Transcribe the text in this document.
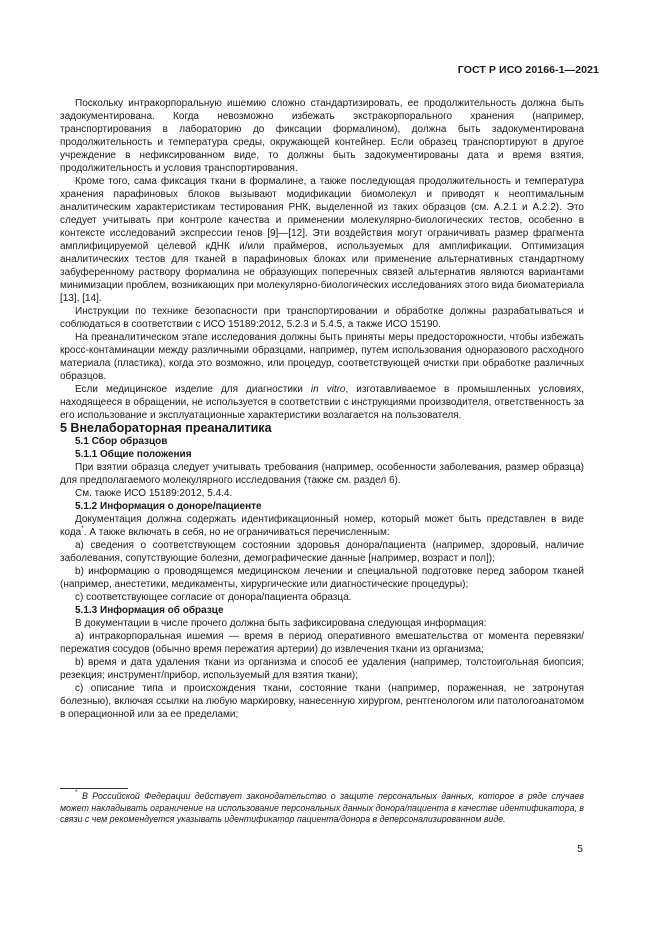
ГОСТ Р ИСО 20166-1—2021

Поскольку интракорпоральную ишемию сложно стандартизировать, ее продолжительность должна быть задокументирована. Когда невозможно избежать экстракорпорального хранения (например, транспортирования в лабораторию до фиксации формалином), должна быть задокументирована продолжительность и температура среды, окружающей контейнер. Если образец транспортируют в другое учреждение в нефиксированном виде, то должны быть задокументированы дата и время взятия, продолжительность и условия транспортирования.

Кроме того, сама фиксация ткани в формалине, а также последующая продолжительность и температура хранения парафиновых блоков вызывают модификации биомолекул и приводят к неоптимальным аналитическим характеристикам тестирования РНК, выделенной из таких образцов (см. А.2.1 и А.2.2). Это следует учитывать при контроле качества и применении молекулярно-биологических тестов, особенно в контексте исследований экспрессии генов [9]—[12]. Эти воздействия могут ограничивать размер фрагмента амплифицируемой целевой кДНК и/или праймеров, используемых для амплификации. Оптимизация аналитических тестов для тканей в парафиновых блоках или применение альтернативных стандартному забуференному раствору формалина не образующих поперечных связей альтернатив являются вариантами минимизации проблем, возникающих при молекулярно-биологических исследованиях этого вида биоматериала [13], [14].

Инструкции по технике безопасности при транспортировании и обработке должны разрабатываться и соблюдаться в соответствии с ИСО 15189:2012, 5.2.3 и 5.4.5, а также ИСО 15190.

На преаналитическом этапе исследования должны быть приняты меры предосторожности, чтобы избежать кросс-контаминации между различными образцами, например, путем использования одноразового расходного материала (пластика), когда это возможно, или процедур, соответствующей очистки при обработке различных образцов.

Если медицинское изделие для диагностики in vitro, изготавливаемое в промышленных условиях, находящееся в обращении, не используется в соответствии с инструкциями производителя, ответственность за его использование и эксплуатационные характеристики возлагается на пользователя.

5 Внелабораторная преаналитика

5.1 Сбор образцов

5.1.1 Общие положения

При взятии образца следует учитывать требования (например, особенности заболевания, размер образца) для предполагаемого молекулярного исследования (также см. раздел 6).

См. также ИСО 15189:2012, 5.4.4.

5.1.2 Информация о доноре/пациенте

Документация должна содержать идентификационный номер, который может быть представлен в виде кода*. А также включать в себя, но не ограничиваться перечисленным:

a) сведения о соответствующем состоянии здоровья донора/пациента (например, здоровый, наличие заболевания, сопутствующие болезни, демографические данные [например, возраст и пол]);

b) информацию о проводящемся медицинском лечении и специальной подготовке перед забором тканей (например, анестетики, медикаменты, хирургические или диагностические процедуры);

c) соответствующее согласие от донора/пациента образца.

5.1.3 Информация об образце

В документации в числе прочего должна быть зафиксирована следующая информация:

a) интракорпоральная ишемия — время в период оперативного вмешательства от момента перевязки/пережатия сосудов (обычно время пережатия артерии) до извлечения ткани из организма;

b) время и дата удаления ткани из организма и способ ее удаления (например, толстоигольная биопсия; резекция; инструмент/прибор, используемый для взятия ткани);

c) описание типа и происхождения ткани, состояние ткани (например, пораженная, не затронутая болезнью), включая ссылки на любую маркировку, нанесенную хирургом, рентгенологом или патологоанатомом в операционной или за ее пределами;

* В Российской Федерации действует законодательство о защите персональных данных, которое в ряде случаев может накладывать ограничение на использование персональных данных донора/пациента в качестве идентификатора, в связи с чем рекомендуется указывать идентификатор пациента/донора в деперсонализированном виде.
5
